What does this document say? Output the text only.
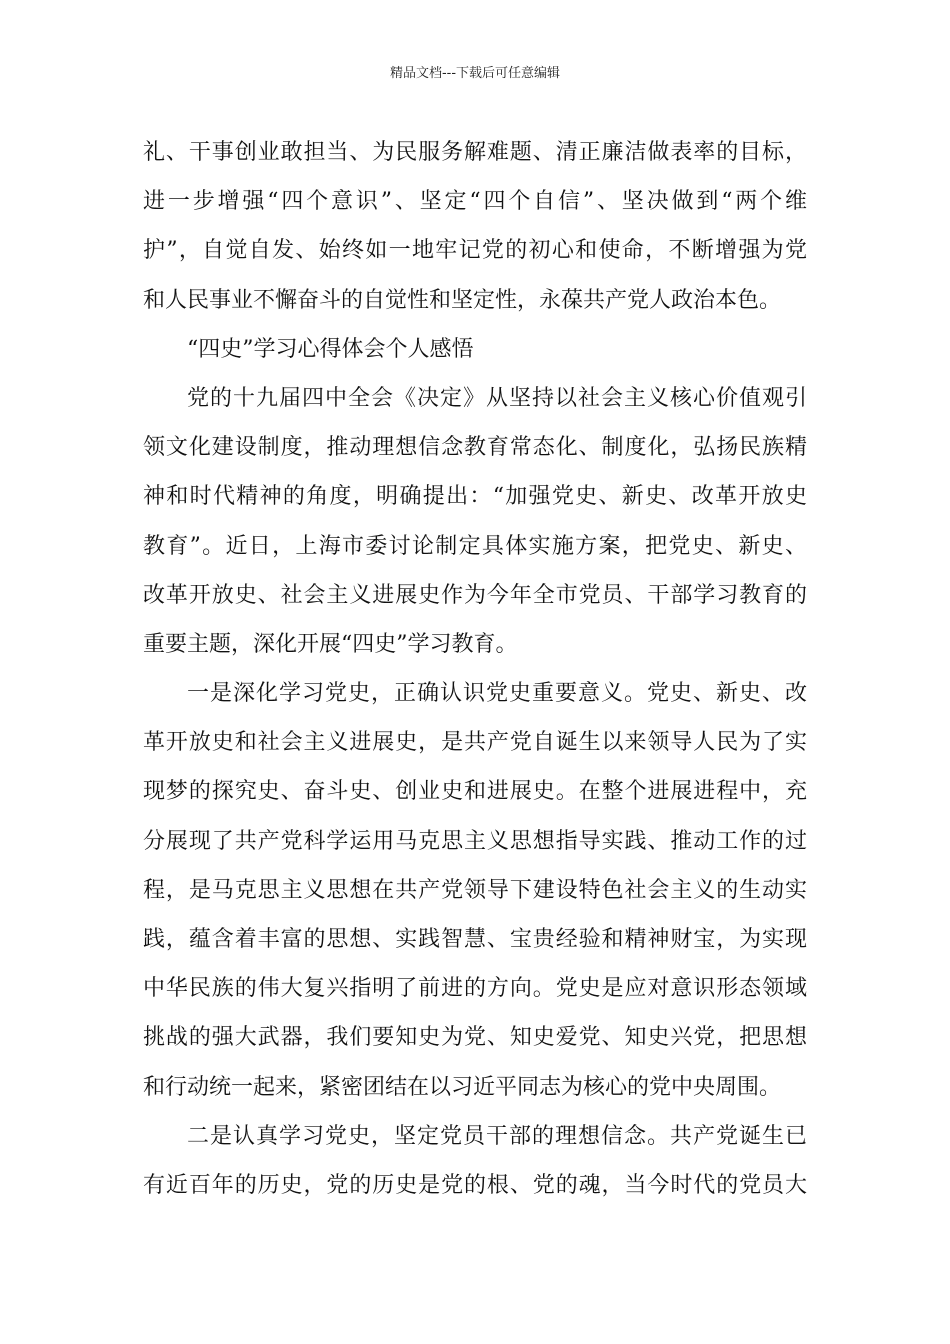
精品文档---下载后可任意编辑
礼、干事创业敢担当、为民服务解难题、清正廉洁做表率的目标，
进一步增强“四个意识”、坚定“四个自信”、坚决做到“两个维
护”，自觉自发、始终如一地牢记党的初心和使命，不断增强为党
和人民事业不懈奋斗的自觉性和坚定性，永葆共产党人政治本色。
“四史”学习心得体会个人感悟
党的十九届四中全会《决定》从坚持以社会主义核心价值观引
领文化建设制度，推动理想信念教育常态化、制度化，弘扬民族精
神和时代精神的角度，明确提出：“加强党史、新史、改革开放史
教育”。近日，上海市委讨论制定具体实施方案，把党史、新史、
改革开放史、社会主义进展史作为今年全市党员、干部学习教育的
重要主题，深化开展“四史”学习教育。
一是深化学习党史，正确认识党史重要意义。党史、新史、改
革开放史和社会主义进展史，是共产党自诞生以来领导人民为了实
现梦的探究史、奋斗史、创业史和进展史。在整个进展进程中，充
分展现了共产党科学运用马克思主义思想指导实践、推动工作的过
程，是马克思主义思想在共产党领导下建设特色社会主义的生动实
践，蕴含着丰富的思想、实践智慧、宝贵经验和精神财宝，为实现
中华民族的伟大复兴指明了前进的方向。党史是应对意识形态领域
挑战的强大武器，我们要知史为党、知史爱党、知史兴党，把思想
和行动统一起来，紧密团结在以习近平同志为核心的党中央周围。
二是认真学习党史，坚定党员干部的理想信念。共产党诞生已
有近百年的历史，党的历史是党的根、党的魂，当今时代的党员大
